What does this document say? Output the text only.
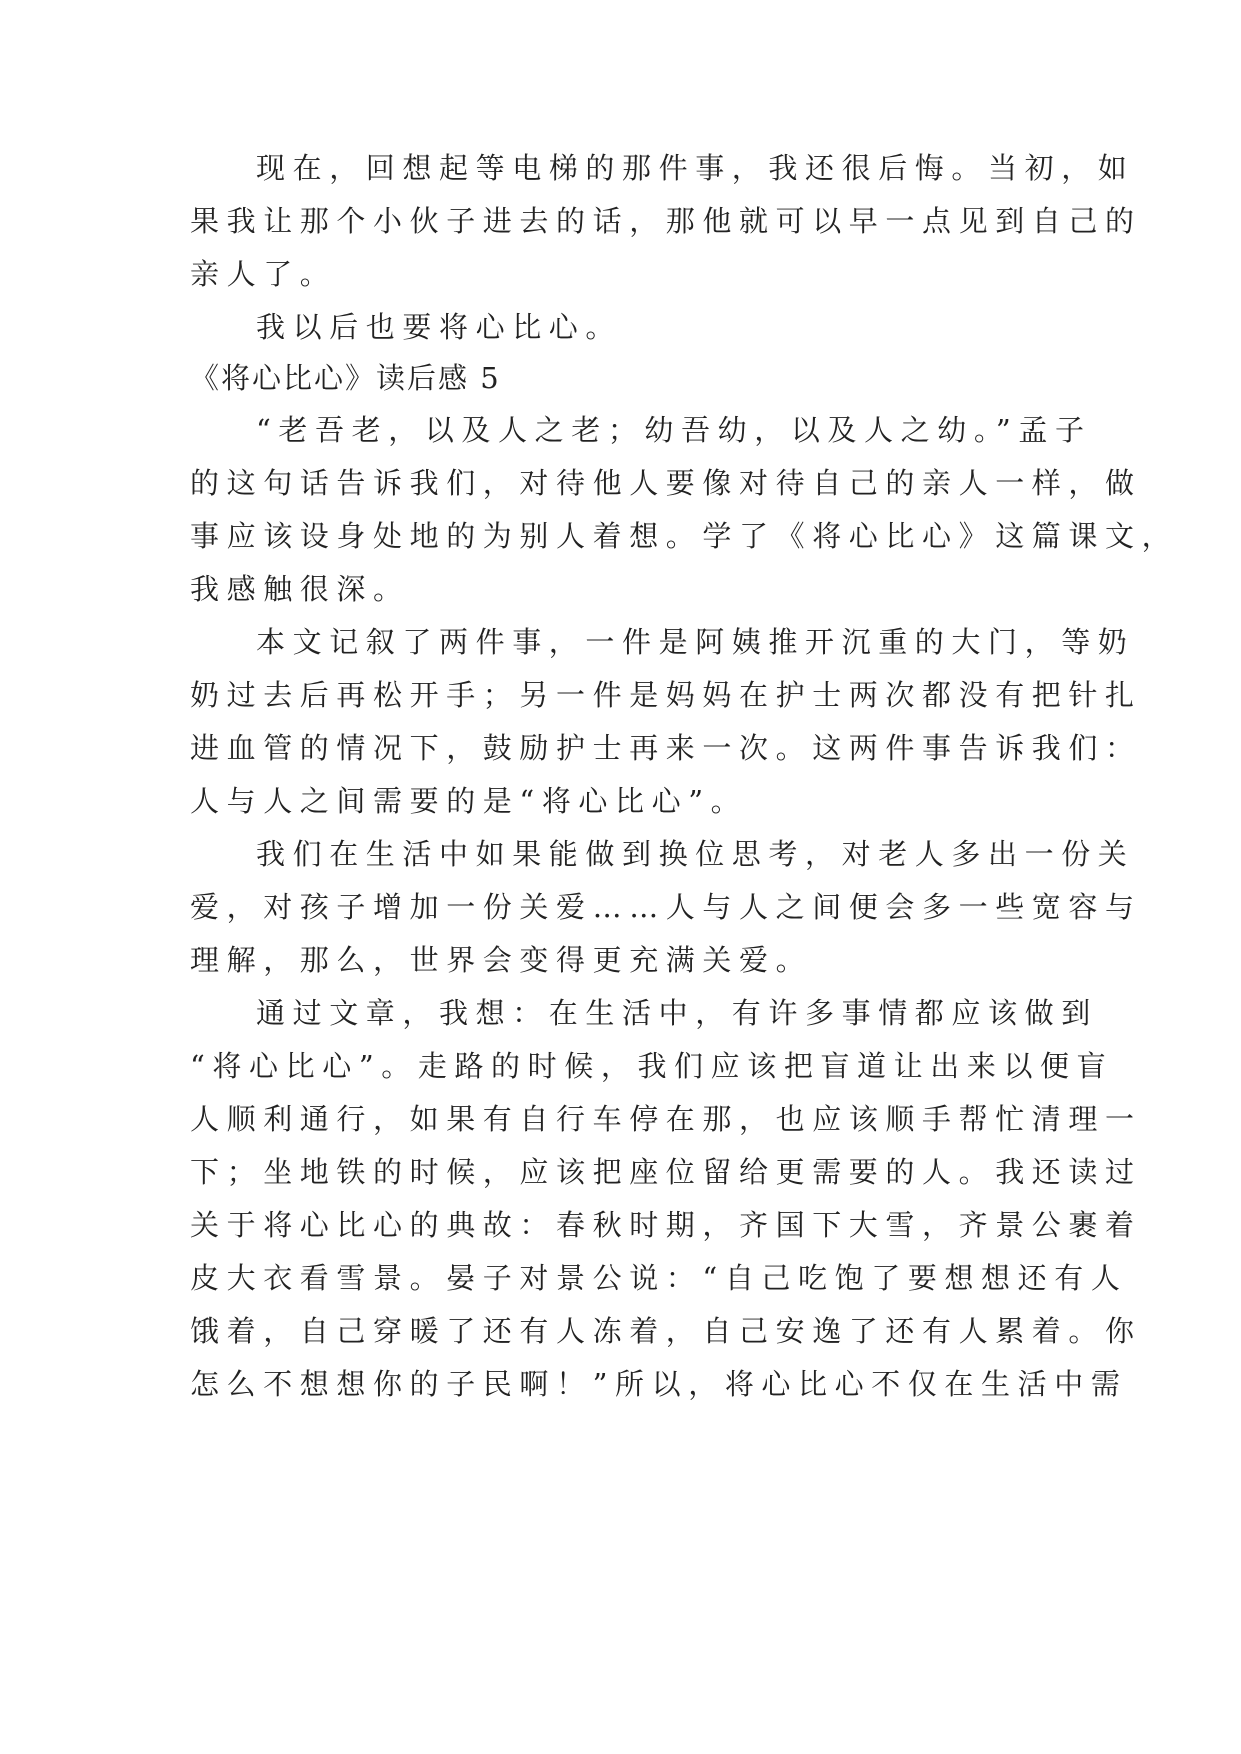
现在，回想起等电梯的那件事，我还很后悔。当初，如
果我让那个小伙子进去的话，那他就可以早一点见到自己的
亲人了。
我以后也要将心比心。
《将心比心》读后感 5
“老吾老，以及人之老；幼吾幼，以及人之幼。”孟子
的这句话告诉我们，对待他人要像对待自己的亲人一样，做
事应该设身处地的为别人着想。学了《将心比心》这篇课文，
我感触很深。
本文记叙了两件事，一件是阿姨推开沉重的大门，等奶
奶过去后再松开手；另一件是妈妈在护士两次都没有把针扎
进血管的情况下，鼓励护士再来一次。这两件事告诉我们：
人与人之间需要的是“将心比心”。
我们在生活中如果能做到换位思考，对老人多出一份关
爱，对孩子增加一份关爱……人与人之间便会多一些宽容与
理解，那么，世界会变得更充满关爱。
通过文章，我想：在生活中，有许多事情都应该做到
“将心比心”。走路的时候，我们应该把盲道让出来以便盲
人顺利通行，如果有自行车停在那，也应该顺手帮忙清理一
下；坐地铁的时候，应该把座位留给更需要的人。我还读过
关于将心比心的典故：春秋时期，齐国下大雪，齐景公裹着
皮大衣看雪景。晏子对景公说：“自己吃饱了要想想还有人
饿着，自己穿暖了还有人冻着，自己安逸了还有人累着。你
怎么不想想你的子民啊！”所以，将心比心不仅在生活中需
